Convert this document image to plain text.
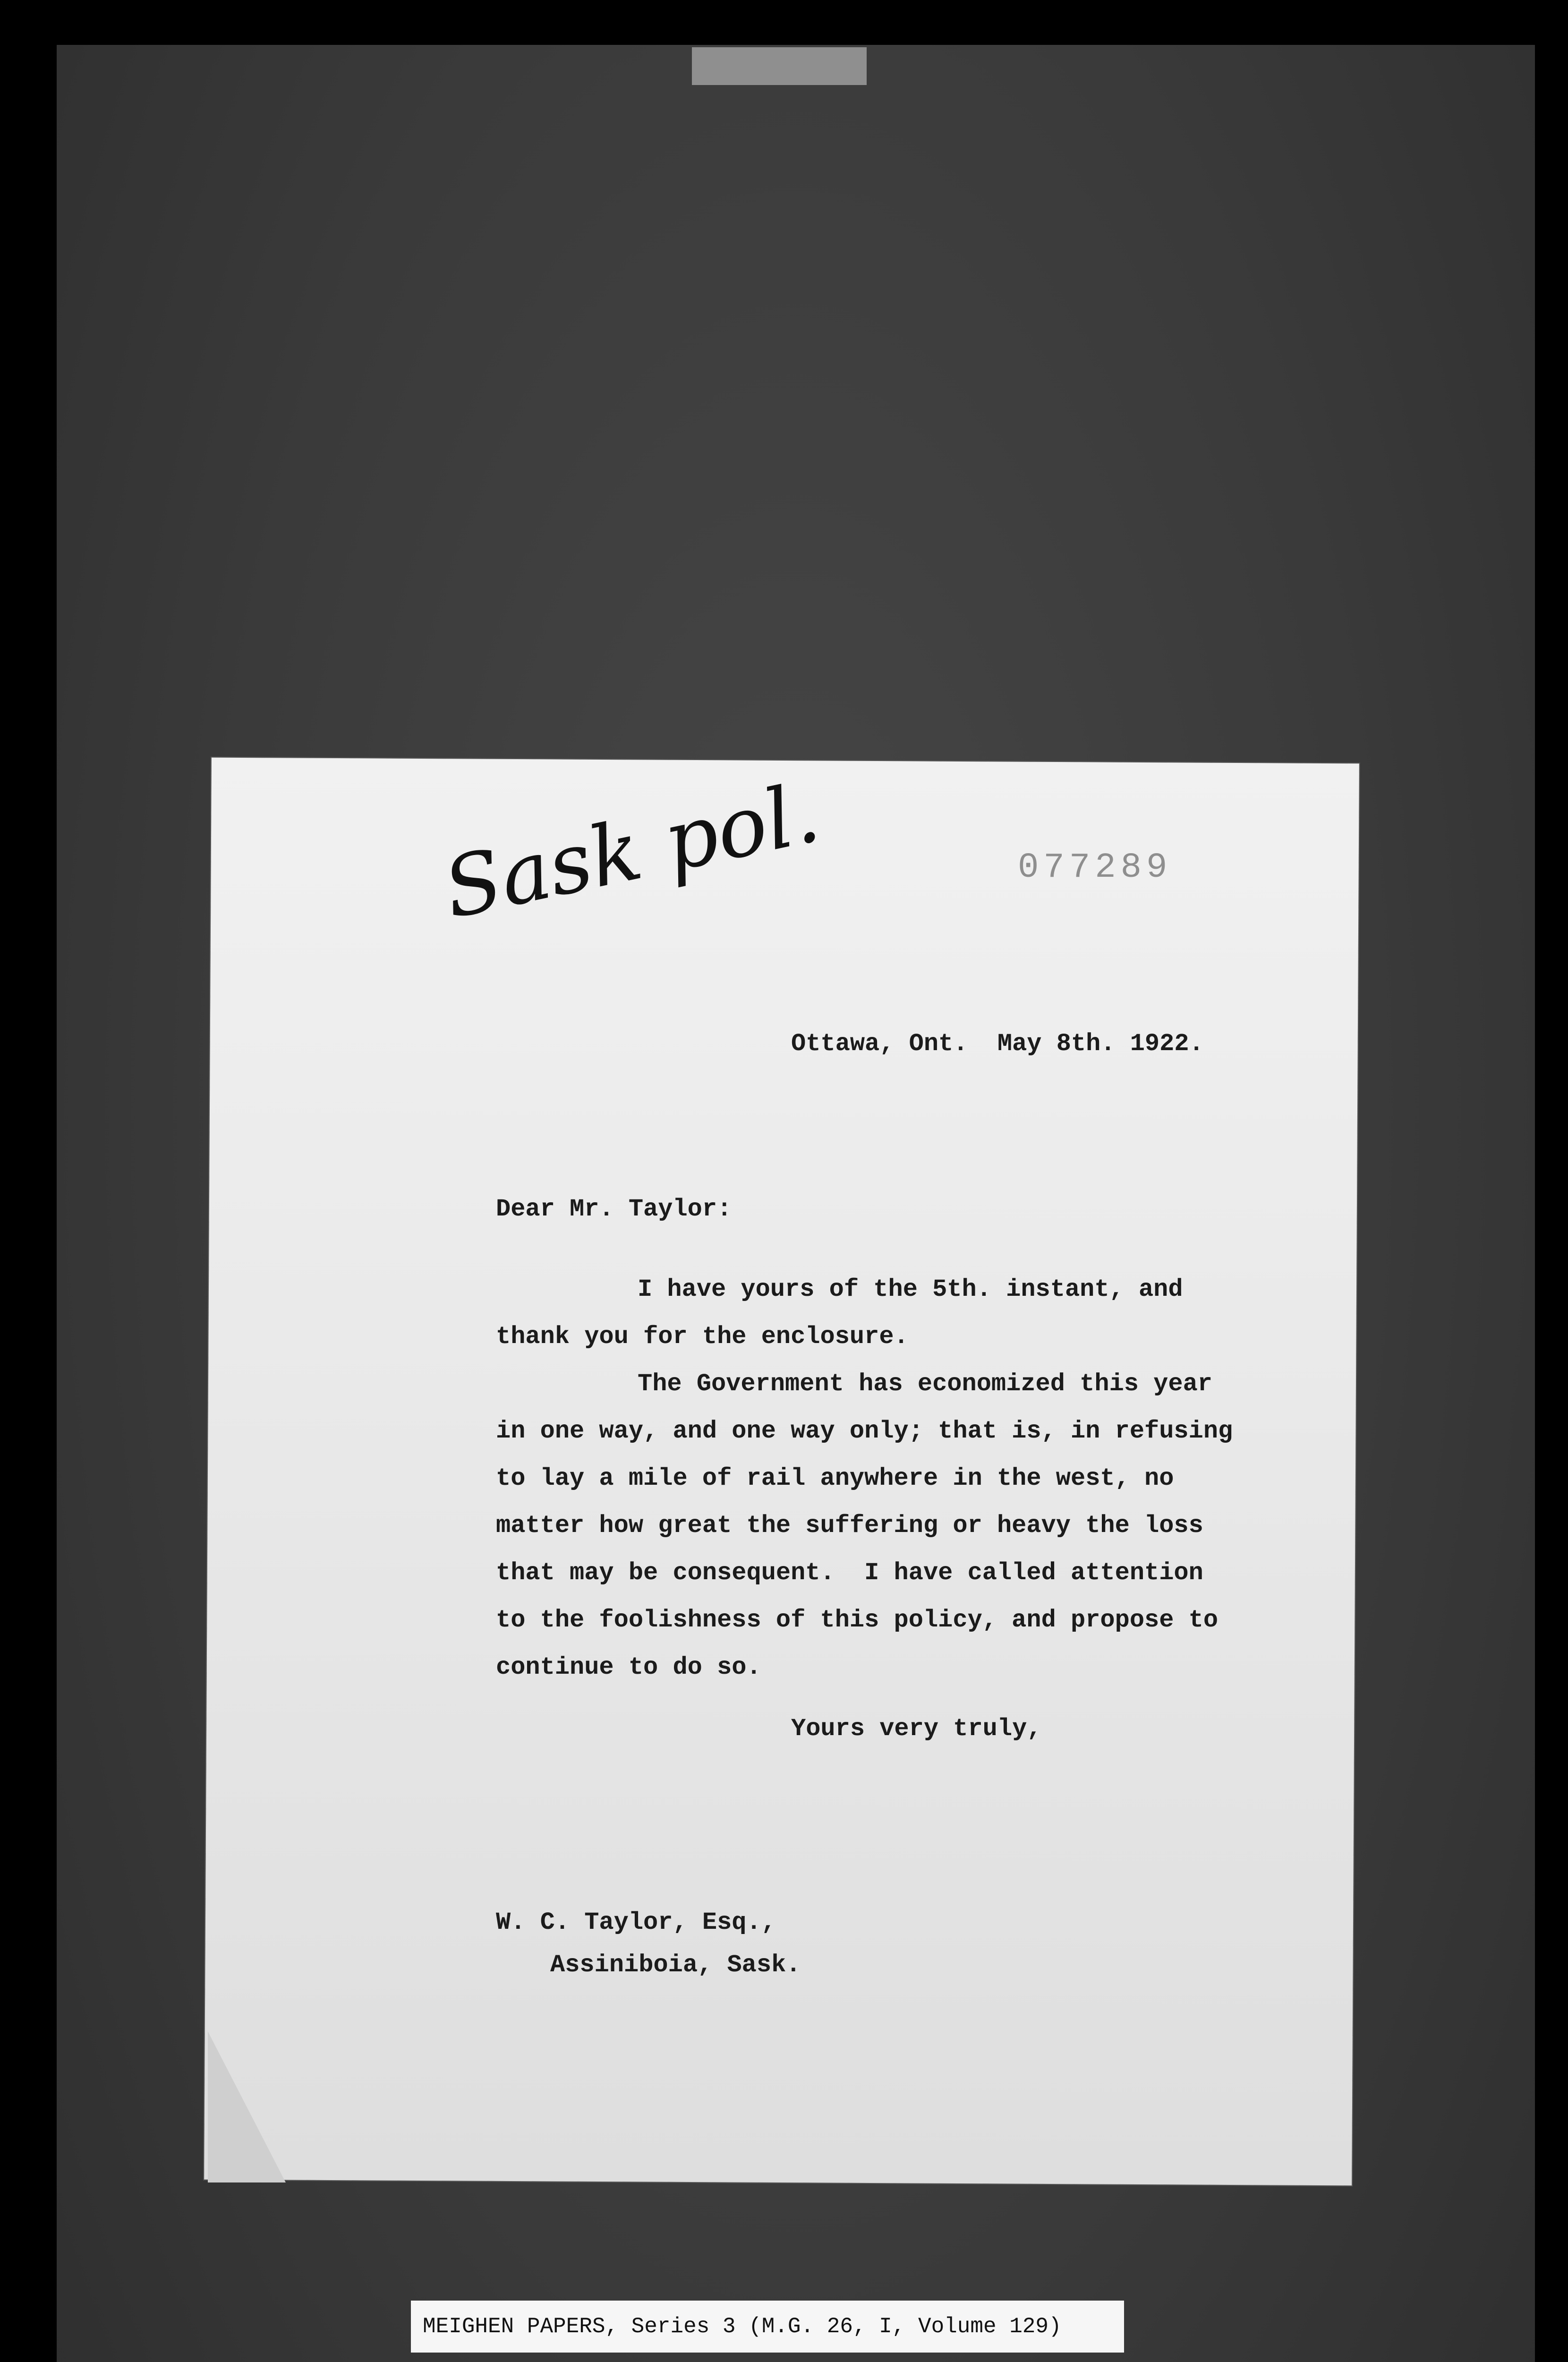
Sask pol.	077289

Ottawa, Ont.  May 8th. 1922.

Dear Mr. Taylor:

I have yours of the 5th. instant, and
thank you for the enclosure.
The Government has economized this year
in one way, and one way only; that is, in refusing
to lay a mile of rail anywhere in the west, no
matter how great the suffering or heavy the loss
that may be consequent.  I have called attention
to the foolishness of this policy, and propose to
continue to do so.

Yours very truly,

W. C. Taylor, Esq.,

Assiniboia, Sask.

MEIGHEN PAPERS, Series 3 (M.G. 26, I, Volume 129)
